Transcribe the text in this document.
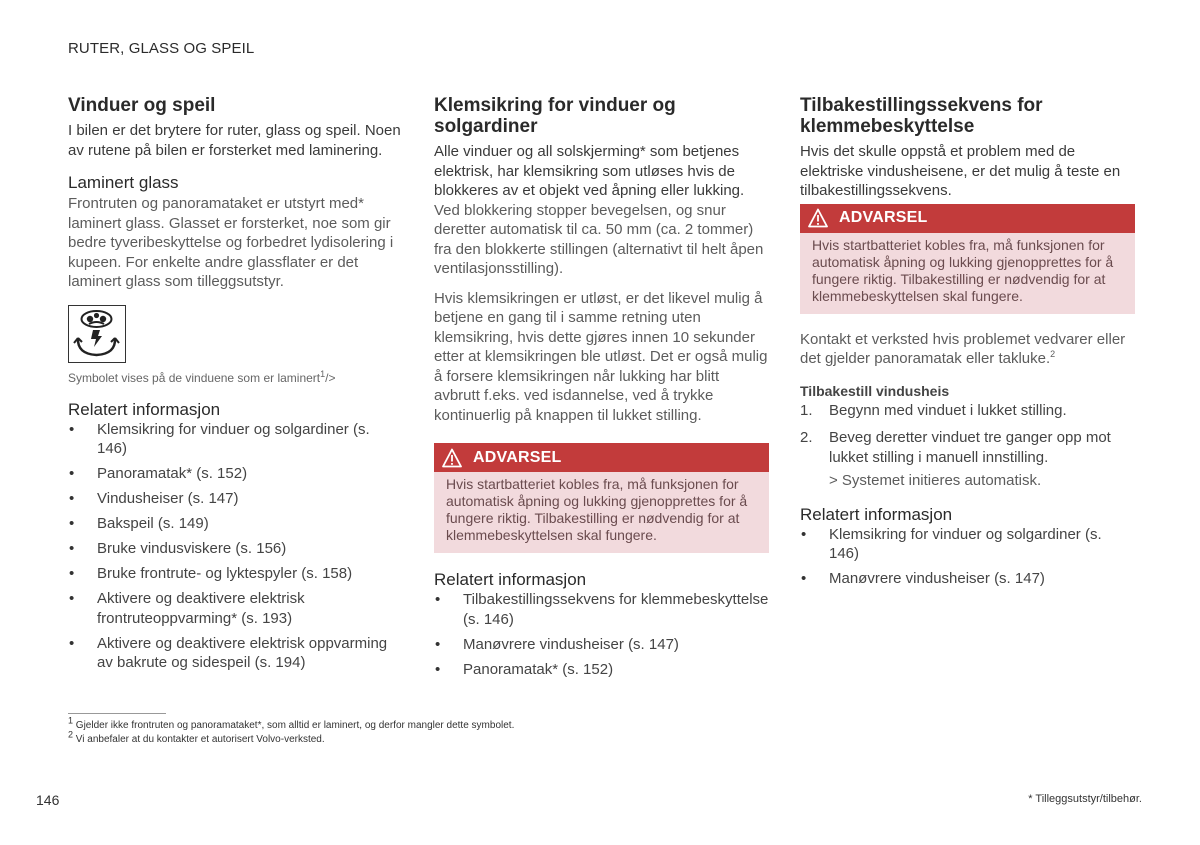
RUTER, GLASS OG SPEIL
Vinduer og speil

I bilen er det brytere for ruter, glass og speil. Noen av rutene på bilen er forsterket med laminering.

Laminert glass

Frontruten og panoramataket er utstyrt med* laminert glass. Glasset er forsterket, noe som gir bedre tyveribeskyttelse og forbedret lydisolering i kupeen. For enkelte andre glassflater er det laminert glass som tilleggsutstyr.

Symbolet vises på de vinduene som er laminert$^1$/>

Relatert informasjon
• Klemsikring for vinduer og solgardiner (s. 146)
• Panoramatak* (s. 152)
• Vindusheiser (s. 147)
• Bakspeil (s. 149)
• Bruke vindusviskere (s. 156)
• Bruke frontrute- og lyktespyler (s. 158)
• Aktivere og deaktivere elektrisk frontruteoppvarming* (s. 193)
• Aktivere og deaktivere elektrisk oppvarming av bakrute og sidespeil (s. 194)
Klemsikring for vinduer og solgardiner

Alle vinduer og all solskjerming* som betjenes elektrisk, har klemsikring som utløses hvis de blokkeres av et objekt ved åpning eller lukking.

Ved blokkering stopper bevegelsen, og snur deretter automatisk til ca. 50 mm (ca. 2 tommer) fra den blokkerte stillingen (alternativt til helt åpen ventilasjonsstilling).

Hvis klemsikringen er utløst, er det likevel mulig å betjene en gang til i samme retning uten klemsikring, hvis dette gjøres innen 10 sekunder etter at klemsikringen ble utløst. Det er også mulig å forsere klemsikringen når lukking har blitt avbrutt f.eks. ved isdannelse, ved å trykke kontinuerlig på knappen til lukket stilling.

ADVARSEL
Hvis startbatteriet kobles fra, må funksjonen for automatisk åpning og lukking gjenopprettes for å fungere riktig. Tilbakestilling er nødvendig for at klemmebeskyttelsen skal fungere.
Relatert informasjon
• Tilbakestillingssekvens for klemmebeskyttelse (s. 146)
• Manøvrere vindusheiser (s. 147)
• Panoramatak* (s. 152)
Tilbakestillingssekvens for klemmebeskyttelse

Hvis det skulle oppstå et problem med de elektriske vindusheisene, er det mulig å teste en tilbakestillingssekvens.

ADVARSEL
Hvis startbatteriet kobles fra, må funksjonen for automatisk åpning og lukking gjenopprettes for å fungere riktig. Tilbakestilling er nødvendig for at klemmebeskyttelsen skal fungere.

Kontakt et verksted hvis problemet vedvarer eller det gjelder panoramatak eller takluke.$^2$

Tilbakestill vindusheis
1. Begynn med vinduet i lukket stilling.
2. Beveg deretter vinduet tre ganger opp mot lukket stilling i manuell innstilling.

> Systemet initieres automatisk.

Relatert informasjon
• Klemsikring for vinduer og solgardiner (s. 146)
• Manøvrere vindusheiser (s. 147)
$^1$ Gjelder ikke frontruten og panoramataket*, som alltid er laminert, og derfor mangler dette symbolet.
$^2$ Vi anbefaler at du kontakter et autorisert Volvo-verksted.
146	* Tilleggsutstyr/tilbehør.
